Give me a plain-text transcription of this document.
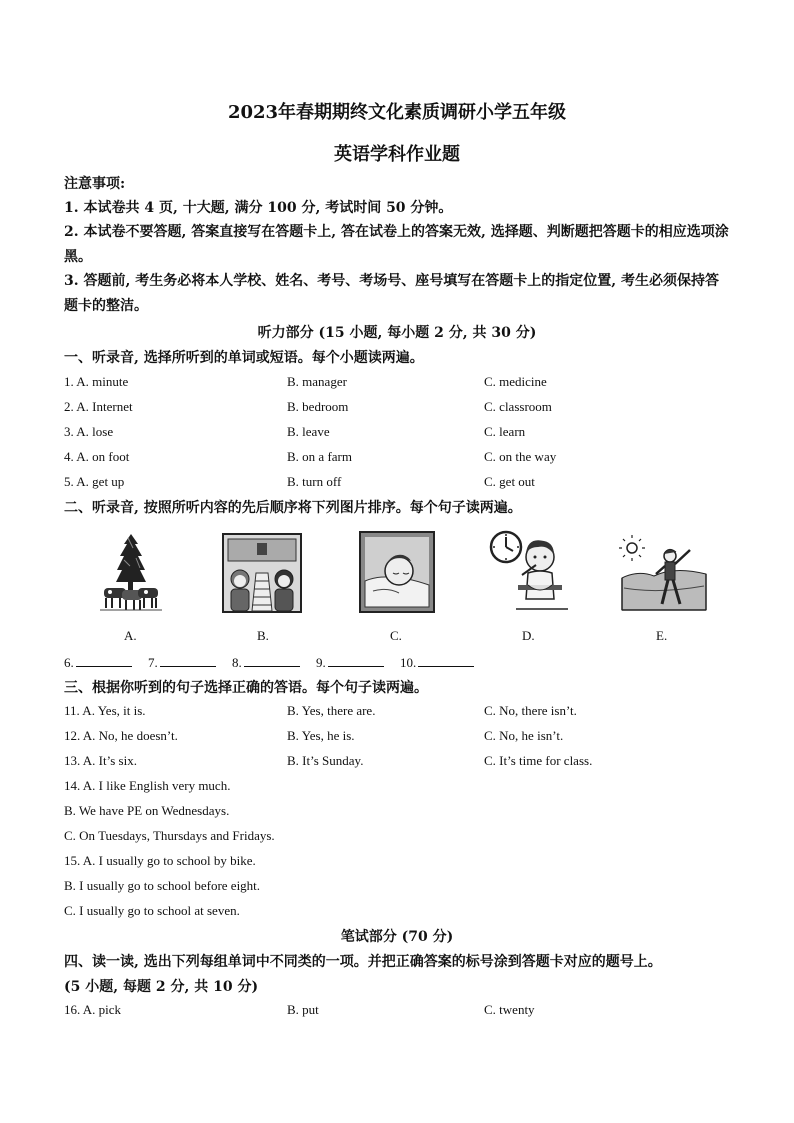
2023年春期期终文化素质调研小学五年级
英语学科作业题
注意事项:
1. 本试卷共 4 页, 十大题, 满分 100 分, 考试时间 50 分钟。
2. 本试卷不要答题, 答案直接写在答题卡上, 答在试卷上的答案无效, 选择题、判断题把答题卡的相应选项涂黑。
3. 答题前, 考生务必将本人学校、姓名、考号、考场号、座号填写在答题卡上的指定位置, 考生必须保持答题卡的整洁。
听力部分 (15 小题, 每小题 2 分, 共 30 分)
一、听录音, 选择所听到的单词或短语。每个小题读两遍。
1. A. minute	B. manager	C. medicine
2. A. Internet	B. bedroom	C. classroom
3. A. lose	B. leave	C. learn
4. A. on foot	B. on a farm	C. on the way
5. A. get up	B. turn off	C. get out
二、听录音, 按照所听内容的先后顺序将下列图片排序。每个句子读两遍。
A.	B.	C.	D.	E.
6.	7.	8.	9.	10.
三、根据你听到的句子选择正确的答语。每个句子读两遍。
11. A. Yes, it is.	B. Yes, there are.	C. No, there isn’t.
12. A. No, he doesn’t.	B. Yes, he is.	C. No, he isn’t.
13. A. It’s six.	B. It’s Sunday.	C. It’s time for class.
14. A. I like English very much.
B. We have PE on Wednesdays.
C. On Tuesdays, Thursdays and Fridays.
15. A. I usually go to school by bike.
B. I usually go to school before eight.
C. I usually go to school at seven.
笔试部分 (70 分)
四、读一读, 选出下列每组单词中不同类的一项。并把正确答案的标号涂到答题卡对应的题号上。
(5 小题, 每题 2 分, 共 10 分)
16. A. pick	B. put	C. twenty
